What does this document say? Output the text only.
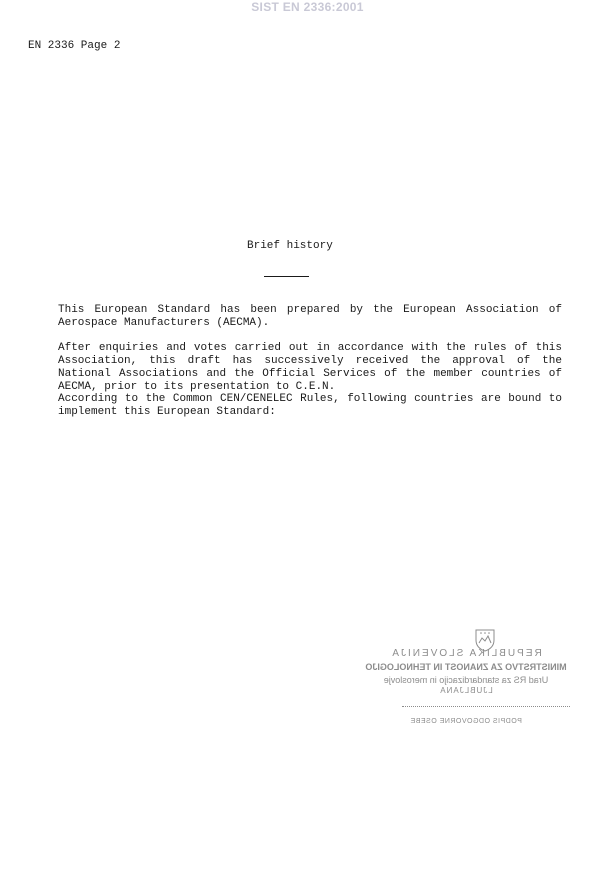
SIST EN 2336:2001
EN 2336 Page 2
Brief history

This European Standard has been prepared by the European Association of Aerospace Manufacturers (AECMA).

After enquiries and votes carried out in accordance with the rules of this Association, this draft has successively received the approval of the National Associations and the Official Services of the member countries of AECMA, prior to its presentation to C.E.N.

According to the Common CEN/CENELEC Rules, following countries are bound to implement this European Standard:

REPUBLIKA SLOVENIJA
MINISTRSTVO ZA ZNANOST IN TEHNOLOGIJO
Urad RS za standardizacijo in meroslovje
LJUBLJANA
PODPIS ODGOVORNE OSEBE
